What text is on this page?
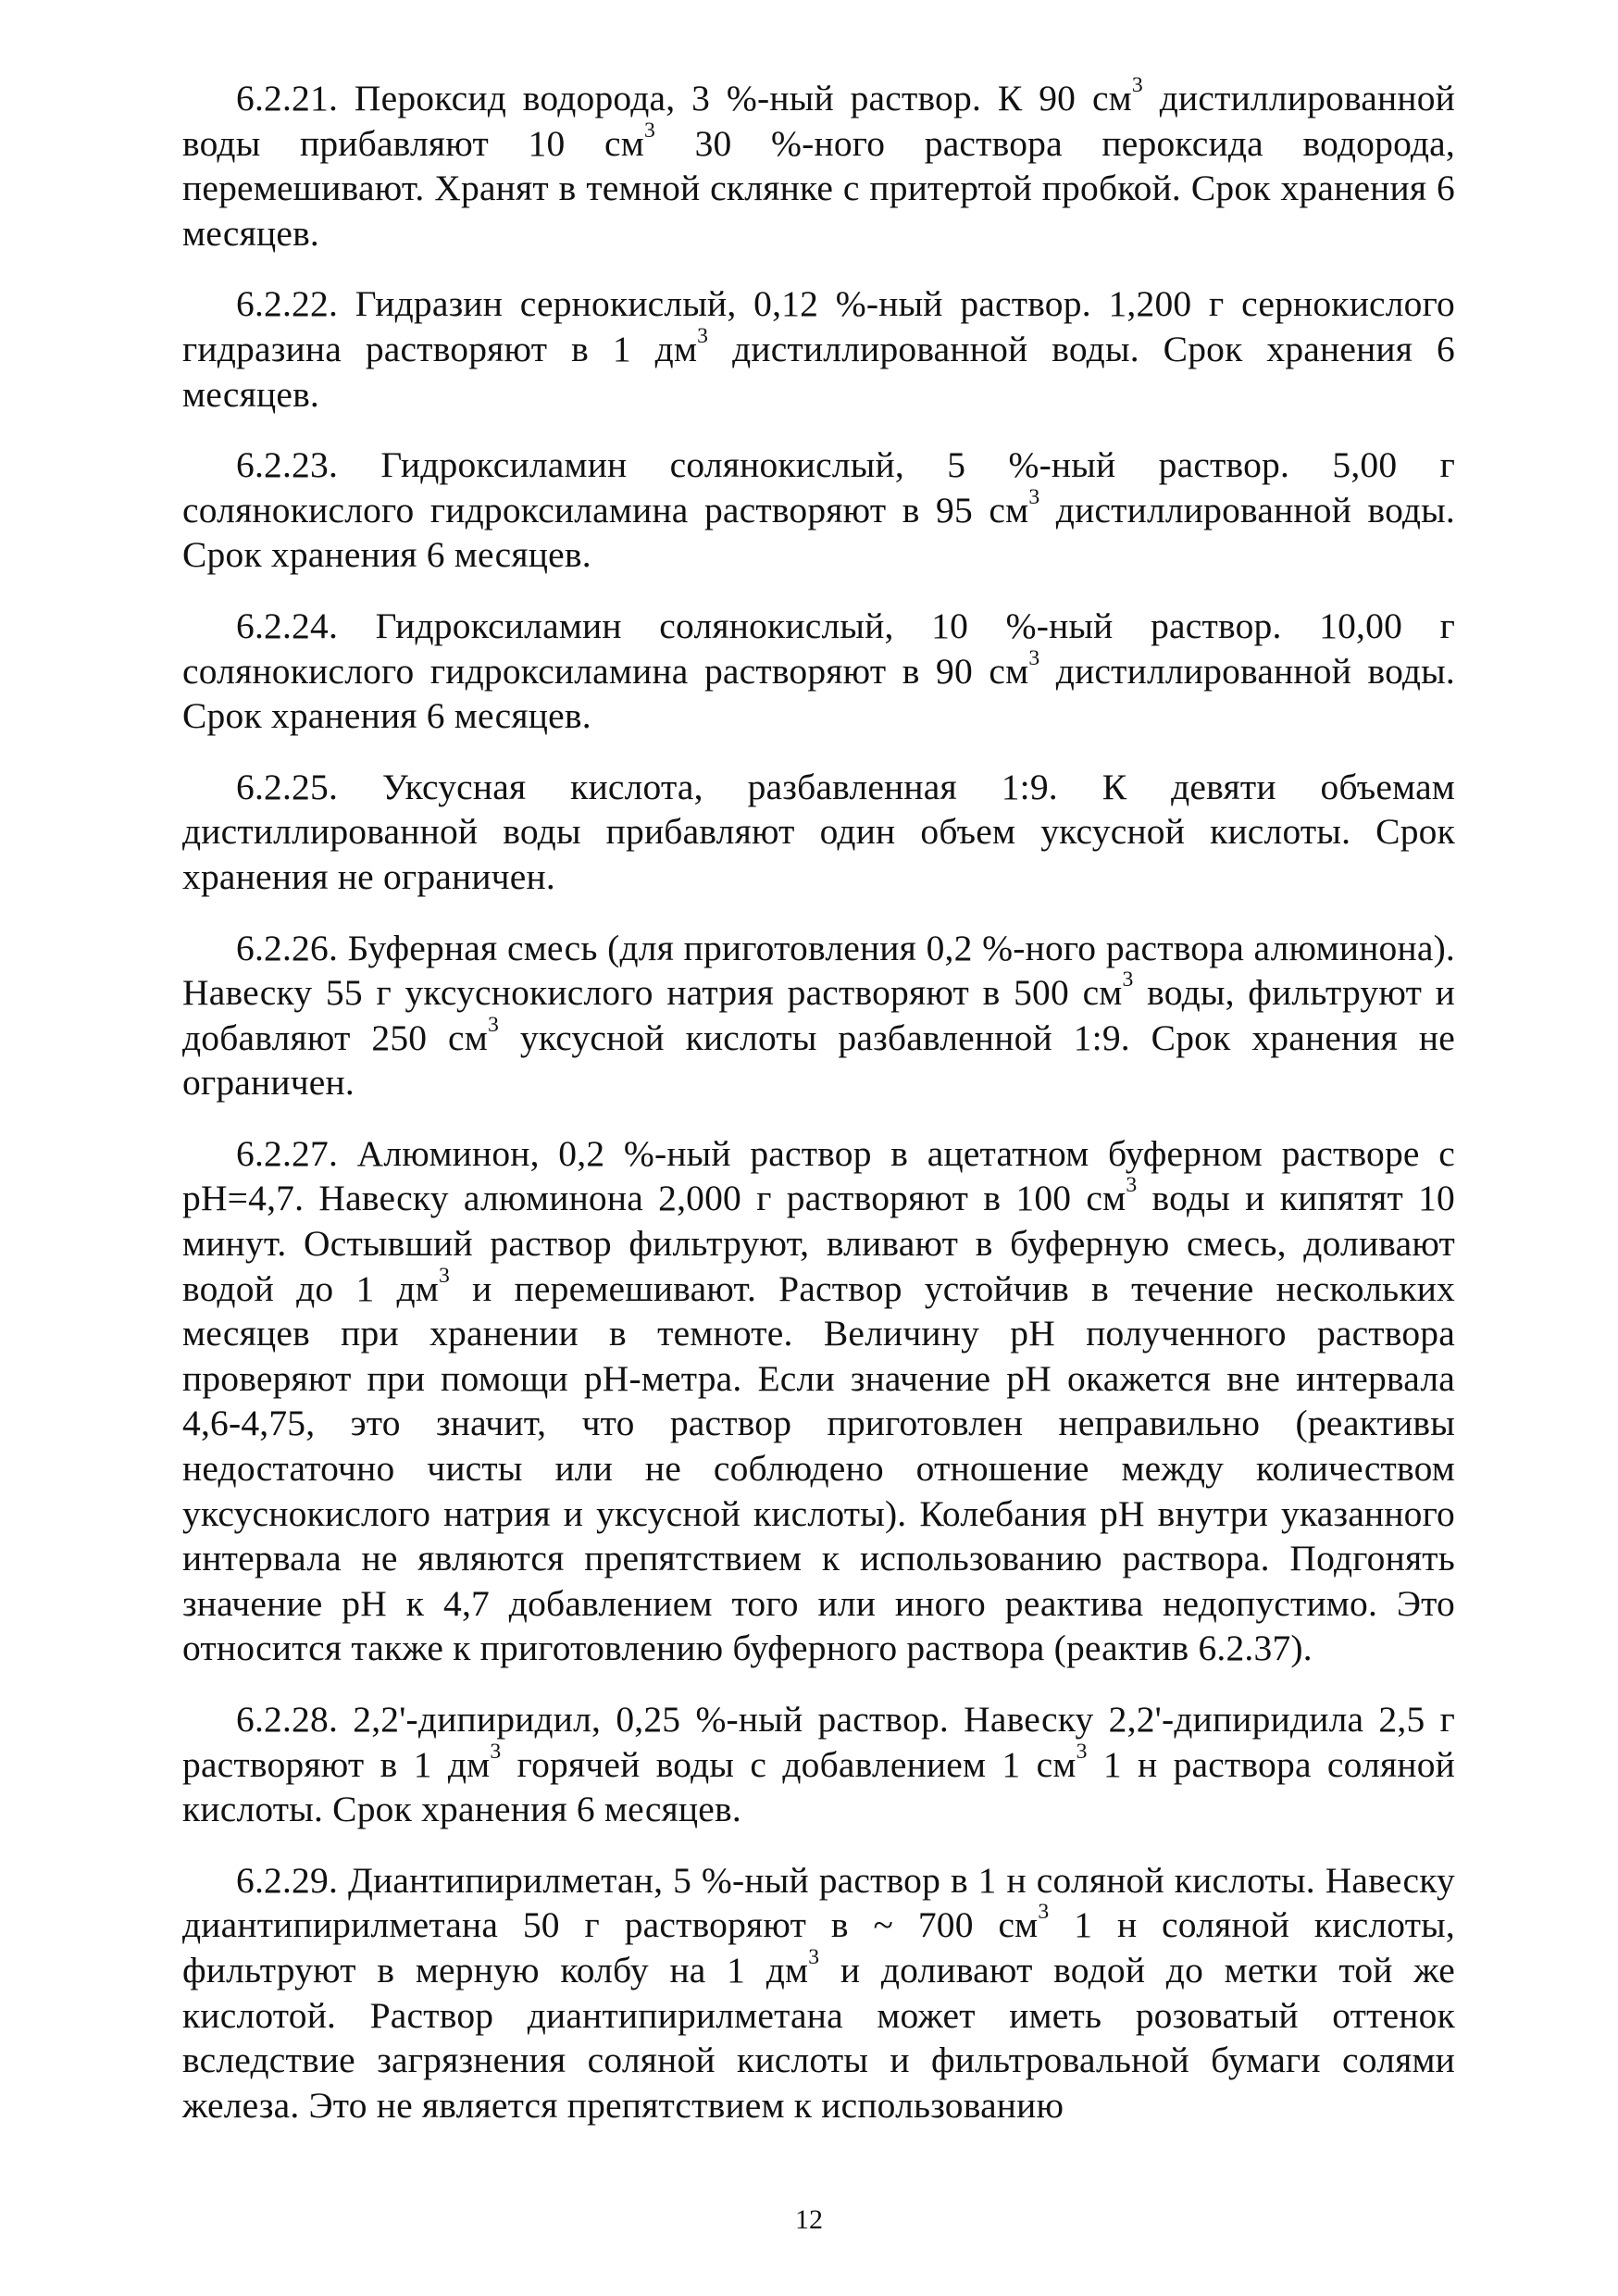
6.2.21. Пероксид водорода, 3 %-ный раствор. К 90 $см^3$ дистиллированной воды прибавляют 10 $см^3$ 30 %-ного раствора пероксида водорода, перемешивают. Хранят в темной склянке с притертой пробкой. Срок хранения 6 месяцев.

6.2.22. Гидразин сернокислый, 0,12 %-ный раствор. 1,200 г сернокислого гидразина растворяют в 1 $дм^3$ дистиллированной воды. Срок хранения 6 месяцев.

6.2.23. Гидроксиламин солянокислый, 5 %-ный раствор. 5,00 г солянокислого гидроксиламина растворяют в 95 $см^3$ дистиллированной воды. Срок хранения 6 месяцев.

6.2.24. Гидроксиламин солянокислый, 10 %-ный раствор. 10,00 г солянокислого гидроксиламина растворяют в 90 $см^3$ дистиллированной воды. Срок хранения 6 месяцев.

6.2.25. Уксусная кислота, разбавленная 1:9. К девяти объемам дистиллированной воды прибавляют один объем уксусной кислоты. Срок хранения не ограничен.

6.2.26. Буферная смесь (для приготовления 0,2 %-ного раствора алюминона). Навеску 55 г уксуснокислого натрия растворяют в 500 $см^3$ воды, фильтруют и добавляют 250 $см^3$ уксусной кислоты разбавленной 1:9. Срок хранения не ограничен.

6.2.27. Алюминон, 0,2 %-ный раствор в ацетатном буферном растворе с pH=4,7. Навеску алюминона 2,000 г растворяют в 100 $см^3$ воды и кипятят 10 минут. Остывший раствор фильтруют, вливают в буферную смесь, доливают водой до 1 $дм^3$ и перемешивают. Раствор устойчив в течение нескольких месяцев при хранении в темноте. Величину pH полученного раствора проверяют при помощи pH-метра. Если значение pH окажется вне интервала 4,6-4,75, это значит, что раствор приготовлен неправильно (реактивы недостаточно чисты или не соблюдено отношение между количеством уксуснокислого натрия и уксусной кислоты). Колебания pH внутри указанного интервала не являются препятствием к использованию раствора. Подгонять значение pH к 4,7 добавлением того или иного реактива недопустимо. Это относится также к приготовлению буферного раствора (реактив 6.2.37).

6.2.28. 2,2'-дипиридил, 0,25 %-ный раствор. Навеску 2,2'-дипиридила 2,5 г растворяют в 1 $дм^3$ горячей воды с добавлением 1 $см^3$ 1 н раствора соляной кислоты. Срок хранения 6 месяцев.

6.2.29. Диантипирилметан, 5 %-ный раствор в 1 н соляной кислоты. Навеску диантипирилметана 50 г растворяют в ~ 700 $см^3$ 1 н соляной кислоты, фильтруют в мерную колбу на 1 $дм^3$ и доливают водой до метки той же кислотой. Раствор диантипирилметана может иметь розоватый оттенок вследствие загрязнения соляной кислоты и фильтровальной бумаги солями железа. Это не является препятствием к использованию

12
